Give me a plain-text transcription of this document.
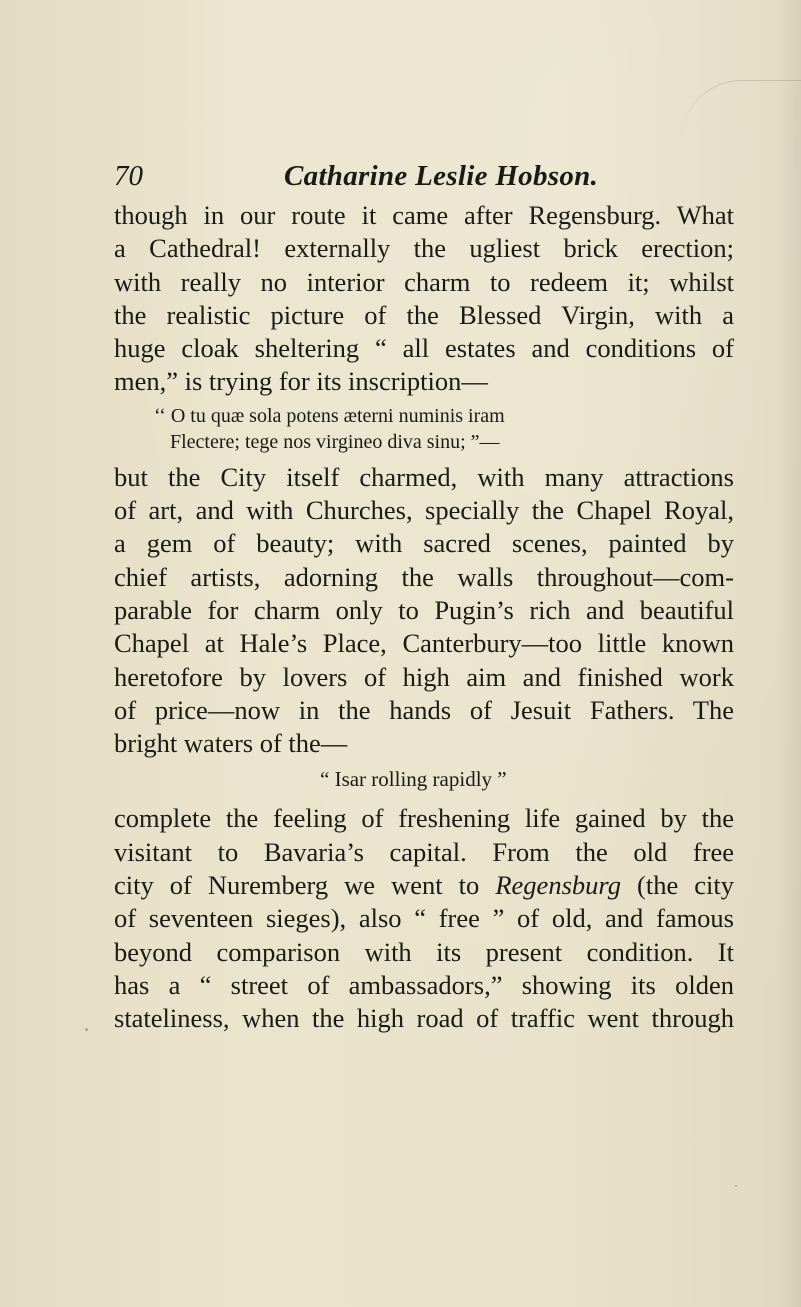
70	Catharine Leslie Hobson.
though in our route it came after Regensburg. What
a Cathedral! externally the ugliest brick erection;
with really no interior charm to redeem it; whilst
the realistic picture of the Blessed Virgin, with a
huge cloak sheltering “ all estates and conditions of
men,” is trying for its inscription—
‘‘ O tu quæ sola potens æterni numinis iram
Flectere; tege nos virgineo diva sinu; ”—
but the City itself charmed, with many attractions
of art, and with Churches, specially the Chapel Royal,
a gem of beauty; with sacred scenes, painted by
chief artists, adorning the walls throughout—com-
parable for charm only to Pugin’s rich and beautiful
Chapel at Hale’s Place, Canterbury—too little known
heretofore by lovers of high aim and finished work
of price—now in the hands of Jesuit Fathers. The
bright waters of the—
“ Isar rolling rapidly ”
complete the feeling of freshening life gained by the
visitant to Bavaria’s capital. From the old free
city of Nuremberg we went to Regensburg (the city
of seventeen sieges), also “ free ” of old, and famous
beyond comparison with its present condition. It
has a “ street of ambassadors,” showing its olden
stateliness, when the high road of traffic went through
